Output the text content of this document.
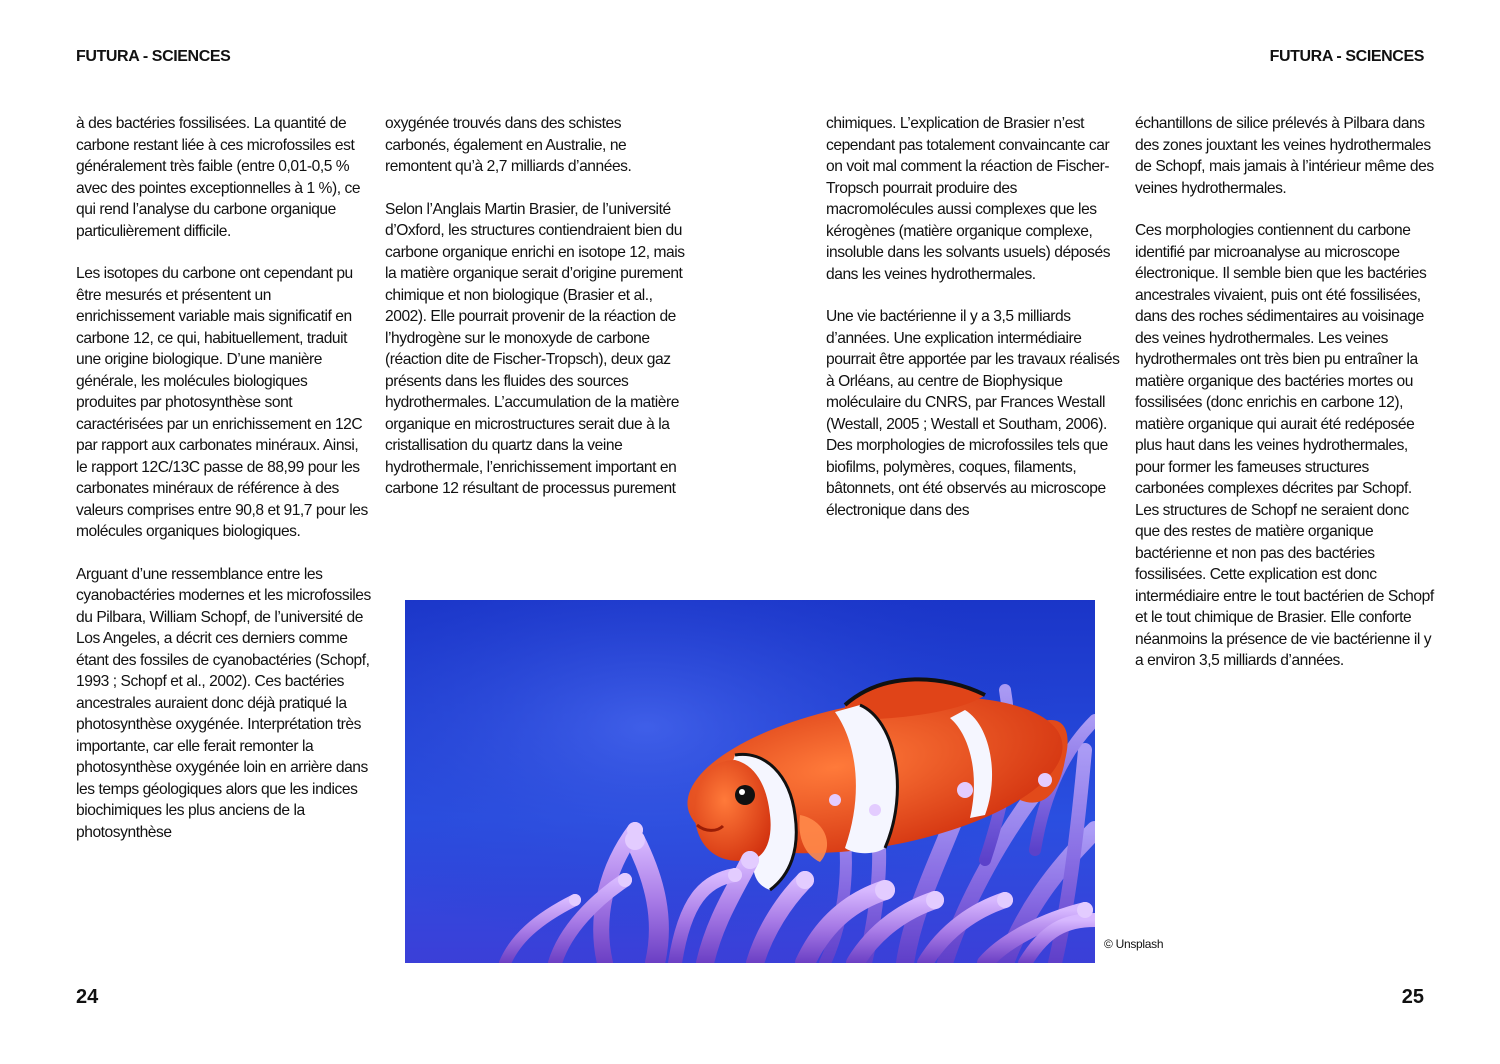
FUTURA - SCIENCES

à des bactéries fossilisées. La quantité de carbone restant liée à ces microfossiles est généralement très faible (entre 0,01-0,5 % avec des pointes exceptionnelles à 1 %), ce qui rend l’analyse du carbone organique particulièrement difficile.

Les isotopes du carbone ont cependant pu être mesurés et présentent un enrichissement variable mais significatif en carbone 12, ce qui, habituellement, traduit une origine biologique. D’une manière générale, les molécules biologiques produites par photosynthèse sont caractérisées par un enrichissement en 12C par rapport aux carbonates minéraux. Ainsi, le rapport 12C/13C passe de 88,99 pour les carbonates minéraux de référence à des valeurs comprises entre 90,8 et 91,7 pour les molécules organiques biologiques.

Arguant d’une ressemblance entre les cyanobactéries modernes et les microfossiles du Pilbara, William Schopf, de l’université de Los Angeles, a décrit ces derniers comme étant des fossiles de cyanobactéries (Schopf, 1993 ; Schopf et al., 2002). Ces bactéries ancestrales auraient donc déjà pratiqué la photosynthèse oxygénée. Interprétation très importante, car elle ferait remonter la photosynthèse oxygénée loin en arrière dans les temps géologiques alors que les indices biochimiques les plus anciens de la photosynthèse

oxygénée trouvés dans des schistes carbonés, également en Australie, ne remontent qu’à 2,7 milliards d’années.

Selon l’Anglais Martin Brasier, de l’université d’Oxford, les structures contiendraient bien du carbone organique enrichi en isotope 12, mais la matière organique serait d’origine purement chimique et non biologique (Brasier et al., 2002). Elle pourrait provenir de la réaction de l’hydrogène sur le monoxyde de carbone (réaction dite de Fischer-Tropsch), deux gaz présents dans les fluides des sources hydrothermales. L’accumulation de la matière organique en microstructures serait due à la cristallisation du quartz dans la veine hydrothermale, l’enrichissement important en carbone 12 résultant de processus purement

24
FUTURA - SCIENCES

chimiques. L’explication de Brasier n’est cependant pas totalement convaincante car on voit mal comment la réaction de Fischer-Tropsch pourrait produire des macromolécules aussi complexes que les kérogènes (matière organique complexe, insoluble dans les solvants usuels) déposés dans les veines hydrothermales.

Une vie bactérienne il y a 3,5 milliards d’années. Une explication intermédiaire pourrait être apportée par les travaux réalisés à Orléans, au centre de Biophysique moléculaire du CNRS, par Frances Westall (Westall, 2005 ; Westall et Southam, 2006). Des morphologies de microfossiles tels que biofilms, polymères, coques, filaments, bâtonnets, ont été observés au microscope électronique dans des

échantillons de silice prélevés à Pilbara dans des zones jouxtant les veines hydrothermales de Schopf, mais jamais à l’intérieur même des veines hydrothermales.

Ces morphologies contiennent du carbone identifié par microanalyse au microscope électronique. Il semble bien que les bactéries ancestrales vivaient, puis ont été fossilisées, dans des roches sédimentaires au voisinage des veines hydrothermales. Les veines hydrothermales ont très bien pu entraîner la matière organique des bactéries mortes ou fossilisées (donc enrichis en carbone 12), matière organique qui aurait été redéposée plus haut dans les veines hydrothermales, pour former les fameuses structures carbonées complexes décrites par Schopf. Les structures de Schopf ne seraient donc que des restes de matière organique bactérienne et non pas des bactéries fossilisées. Cette explication est donc intermédiaire entre le tout bactérien de Schopf et le tout chimique de Brasier. Elle conforte néanmoins la présence de vie bactérienne il y a environ 3,5 milliards d’années.

25
© Unsplash
